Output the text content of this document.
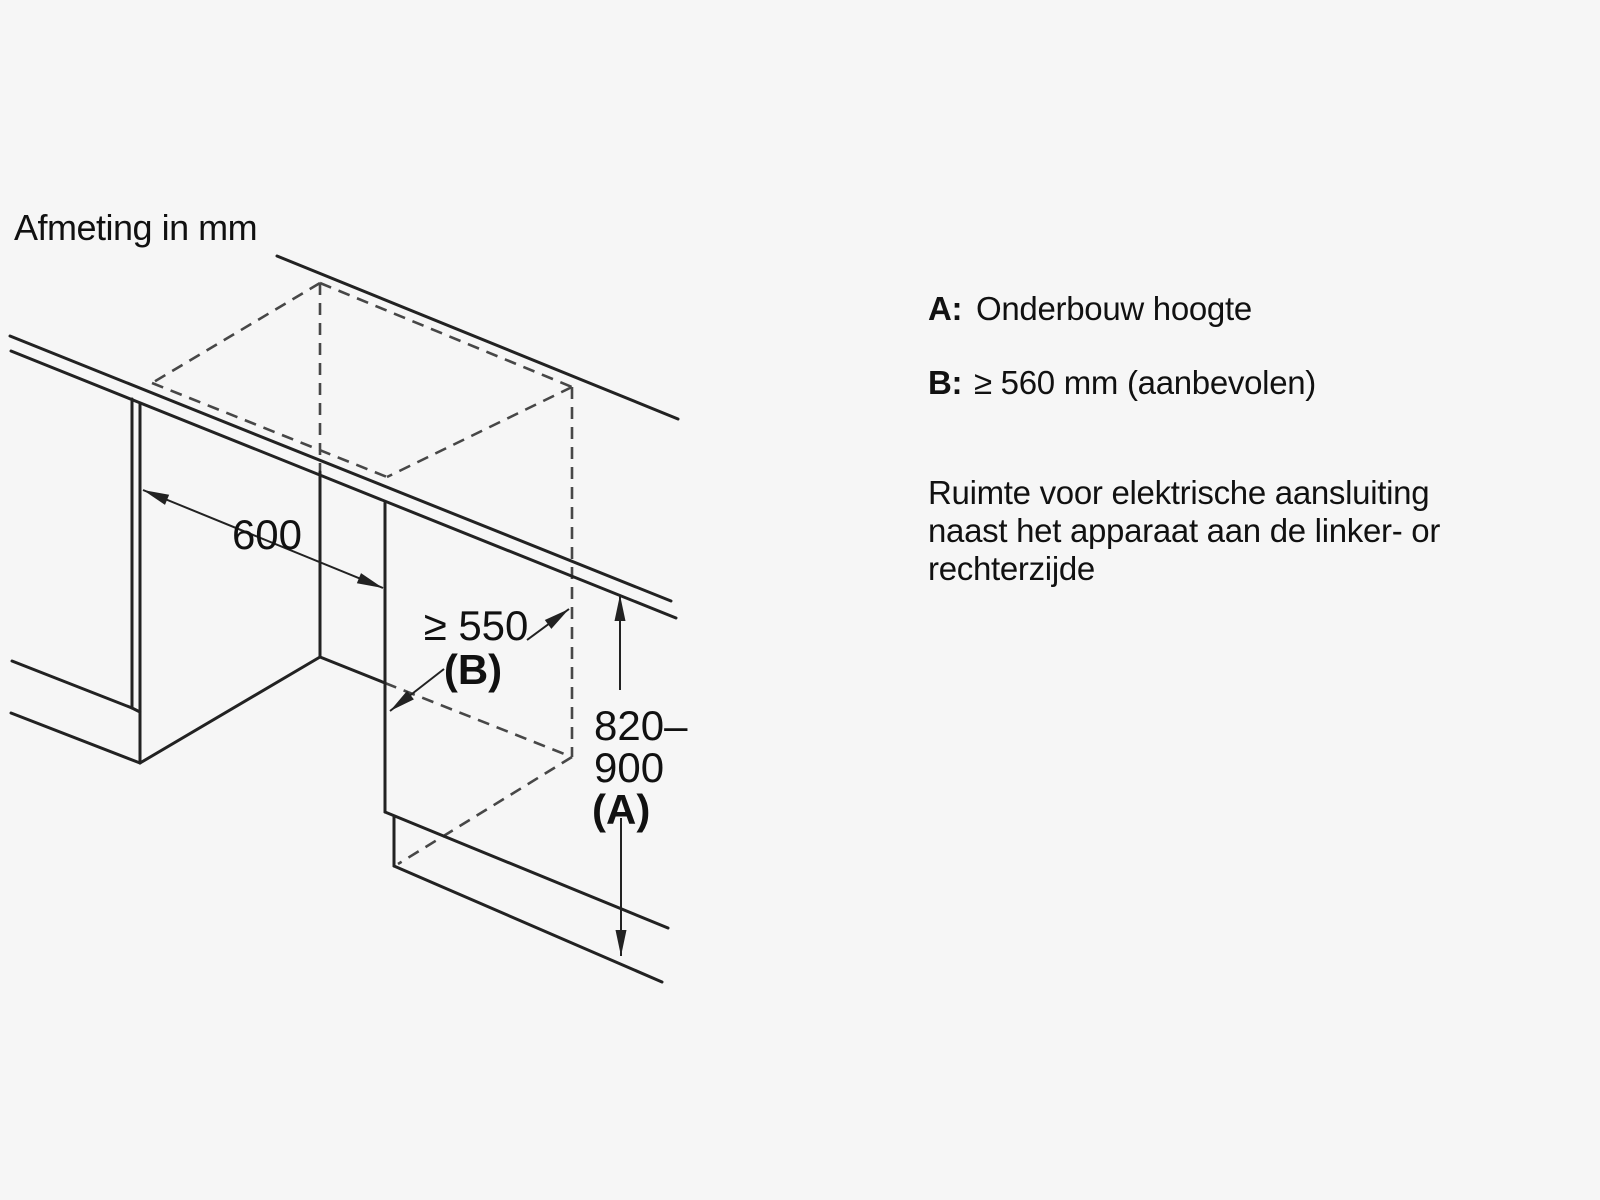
Afmeting in mm
600
≥ 550
(B)
820–
900
(A)
A: Onderbouw hoogte
B: ≥ 560 mm (aanbevolen)
Ruimte voor elektrische aansluiting
naast het apparaat aan de linker- or
rechterzijde
